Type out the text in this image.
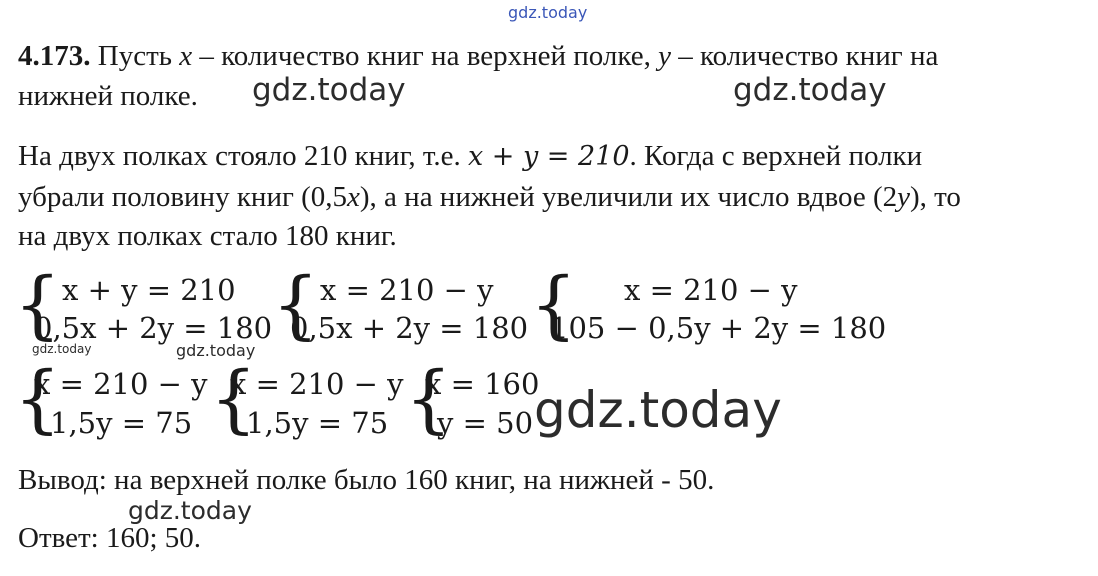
gdz.today
4.173. Пусть x – количество книг на верхней полке, y – количество книг на
нижней полке. gdz.today	gdz.today
На двух полках стояло 210 книг, т.е. x + y = 210. Когда с верхней полки
убрали половину книг (0,5x), а на нижней увеличили их число вдвое (2y), то
на двух полках стало 180 книг.
{ x + y = 210
0,5x + 2y = 180 { x = 210 − y
0,5x + 2y = 180 { x = 210 − y
105 − 0,5y + 2y = 180
gdz.today	gdz.today
{
x = 210 − y
1,5y = 75 {
x = 210 − y
1,5y = 75 {
x = 160
y = 50 gdz.today
Вывод: на верхней полке было 160 книг, на нижней - 50.
gdz.today
Ответ: 160; 50.
